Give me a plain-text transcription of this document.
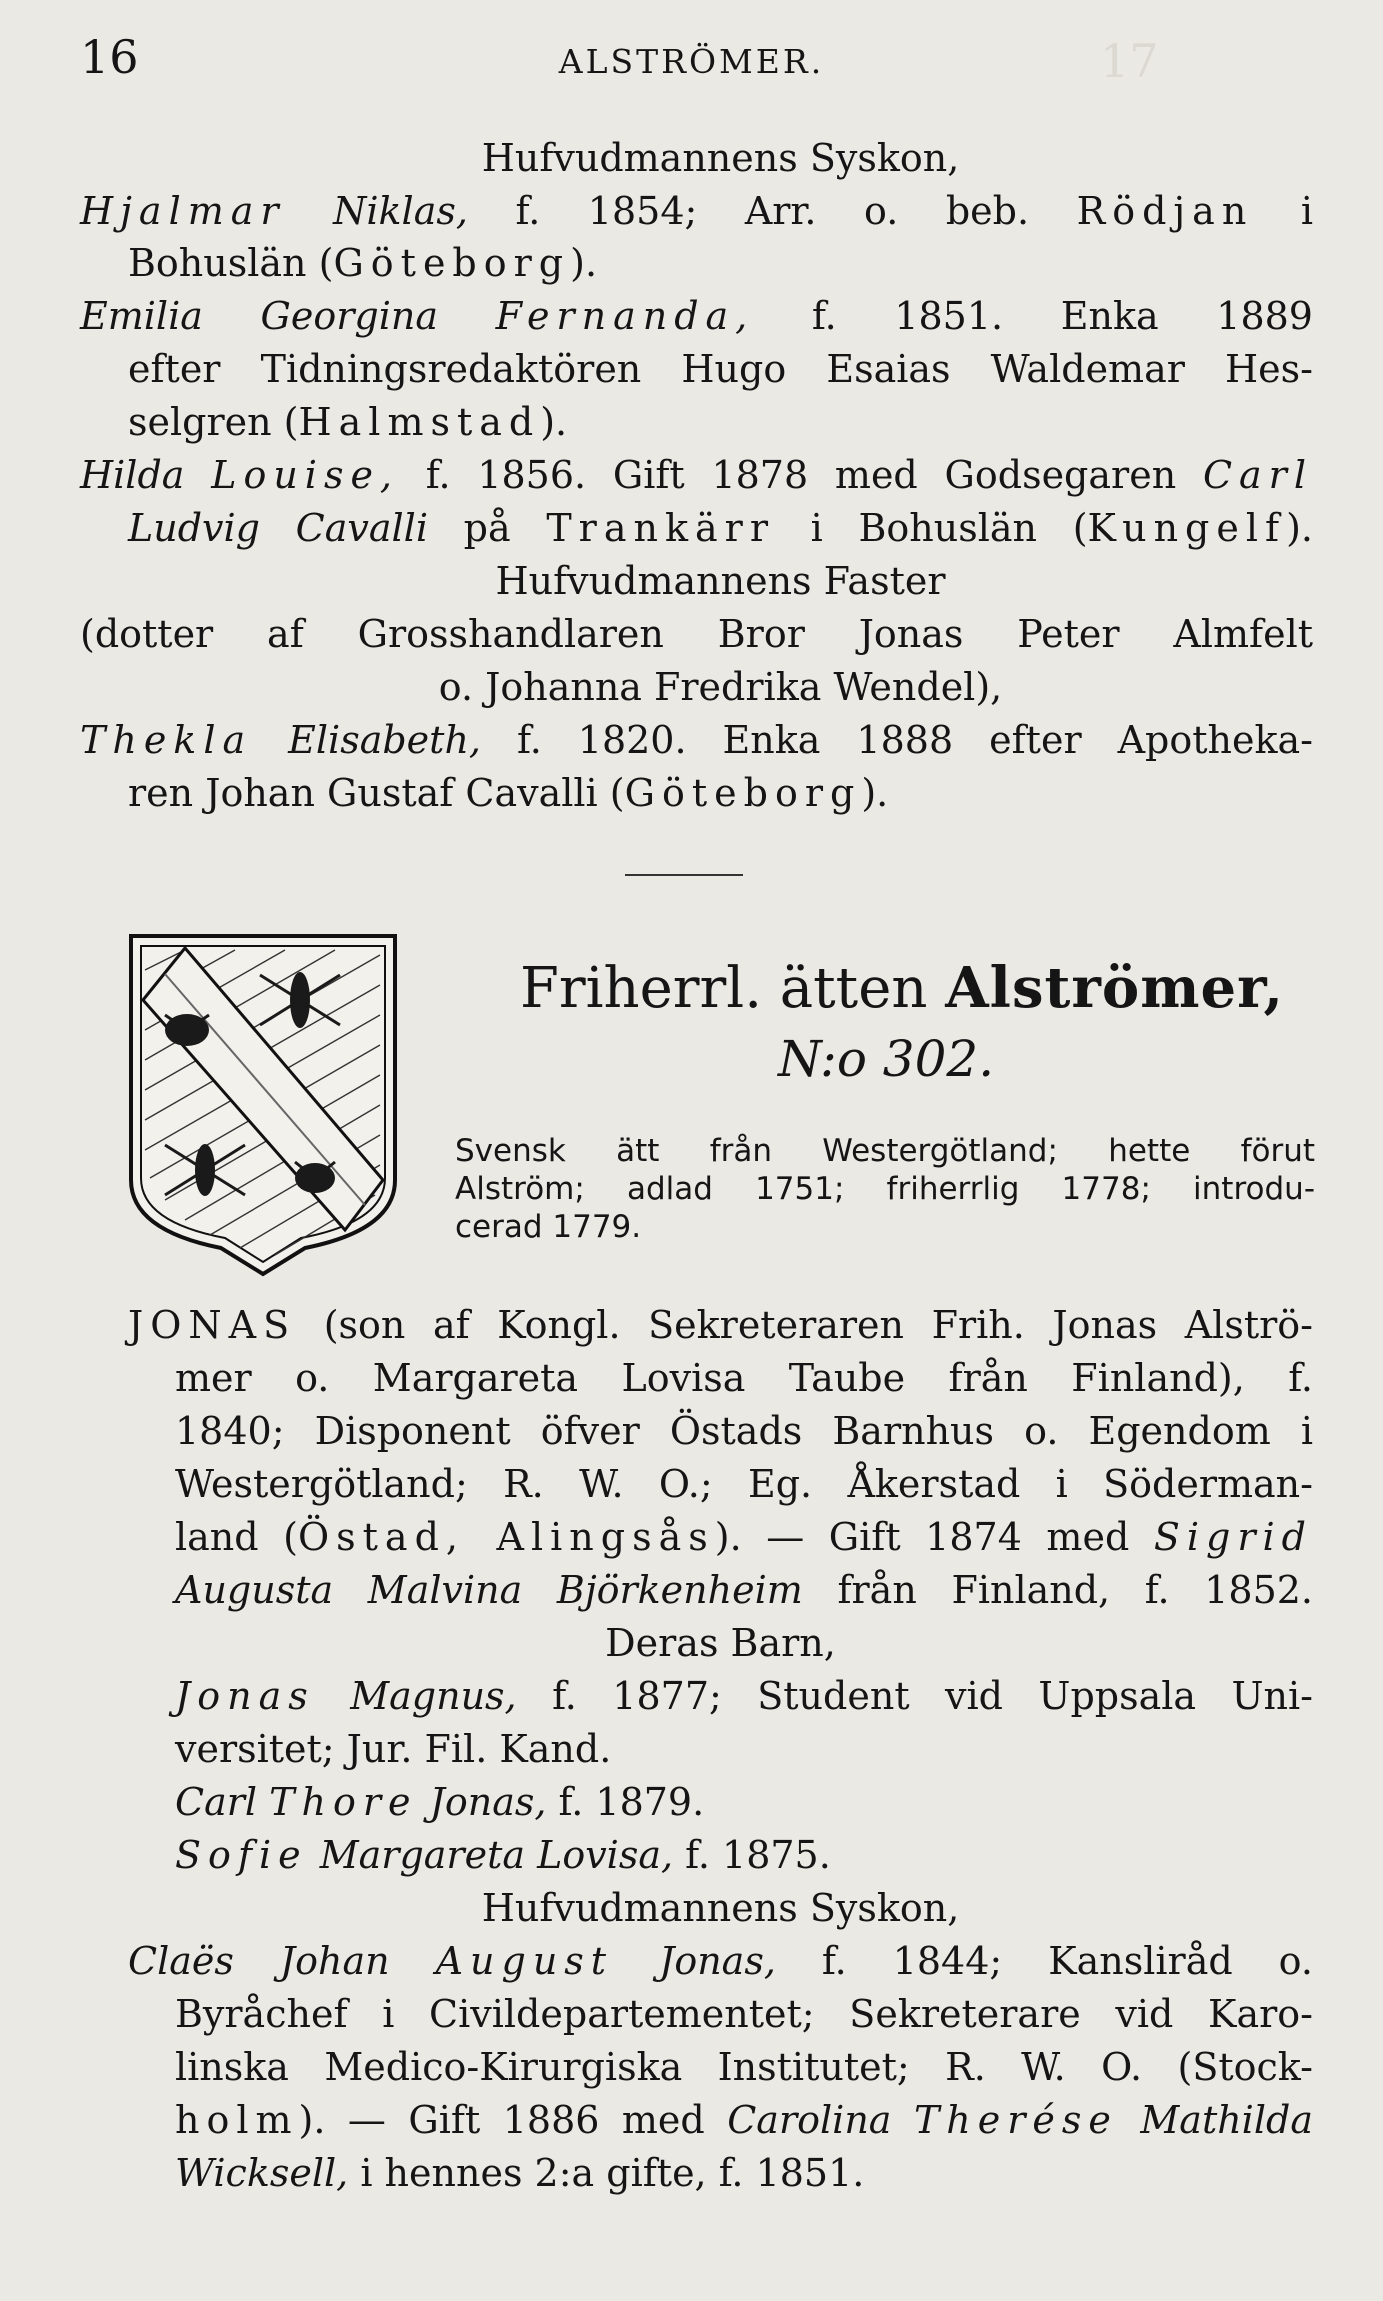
16	ALSTRÖMER.	17
Hufvudmannens Syskon,
Hjalmar Niklas, f. 1854; Arr. o. beb. Rödjan i
Bohuslän (Göteborg).
Emilia Georgina Fernanda, f. 1851. Enka 1889
efter Tidningsredaktören Hugo Esaias Waldemar Hes-
selgren (Halmstad).
Hilda Louise, f. 1856. Gift 1878 med Godsegaren Carl
Ludvig Cavalli på Trankärr i Bohuslän (Kungelf).
Hufvudmannens Faster
(dotter af Grosshandlaren Bror Jonas Peter Almfelt
o. Johanna Fredrika Wendel),
Thekla Elisabeth, f. 1820. Enka 1888 efter Apotheka-
ren Johan Gustaf Cavalli (Göteborg).
Friherrl. ätten Alströmer,
N:o 302.
Svensk ätt från Westergötland; hette förut
Alström; adlad 1751; friherrlig 1778; introdu-
cerad 1779.
JONAS (son af Kongl. Sekreteraren Frih. Jonas Alströ-
mer o. Margareta Lovisa Taube från Finland), f.
1840; Disponent öfver Östads Barnhus o. Egendom i
Westergötland; R. W. O.; Eg. Åkerstad i Söderman-
land (Östad, Alingsås). — Gift 1874 med Sigrid
Augusta Malvina Björkenheim från Finland, f. 1852.
Deras Barn,
Jonas Magnus, f. 1877; Student vid Uppsala Uni-
versitet; Jur. Fil. Kand.
Carl Thore Jonas, f. 1879.
Sofie Margareta Lovisa, f. 1875.
Hufvudmannens Syskon,
Claës Johan August Jonas, f. 1844; Kansliråd o.
Byråchef i Civildepartementet; Sekreterare vid Karo-
linska Medico-Kirurgiska Institutet; R. W. O. (Stock-
holm). — Gift 1886 med Carolina Therése Mathilda
Wicksell, i hennes 2:a gifte, f. 1851.
